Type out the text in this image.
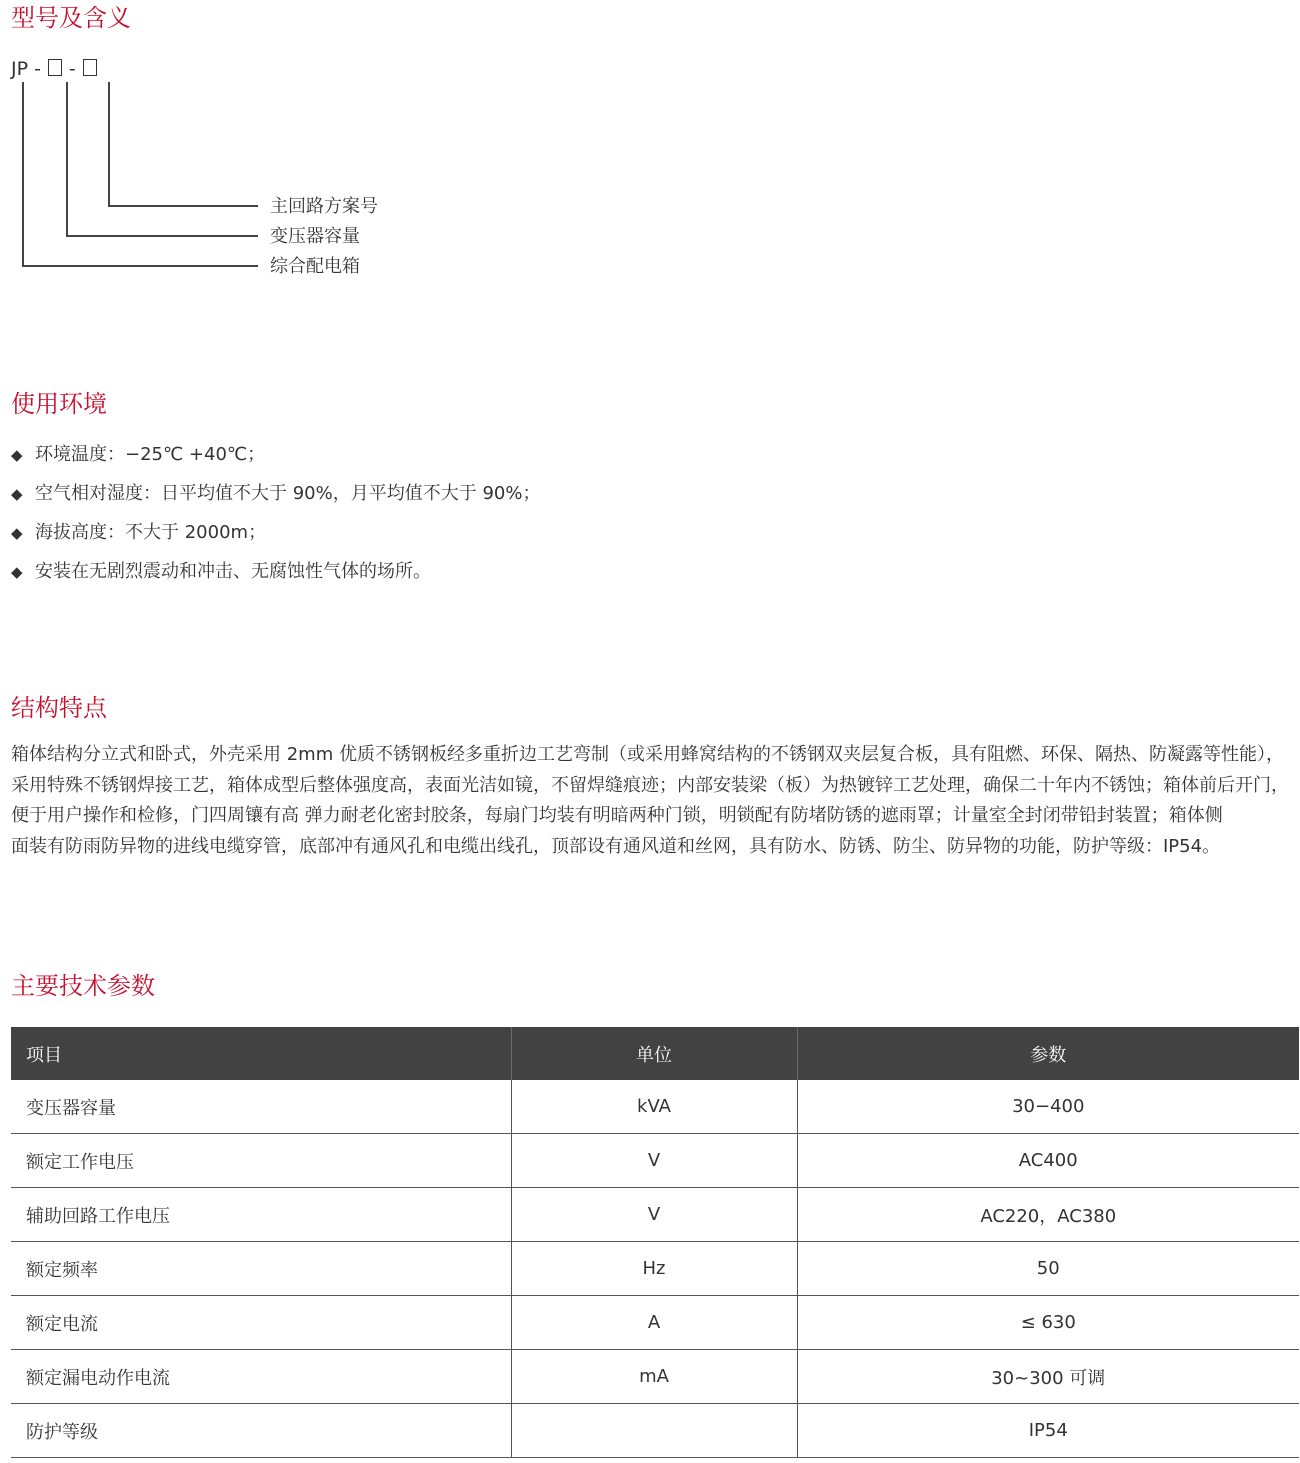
型号及含义
JP - -
主回路方案号
变压器容量
综合配电箱
使用环境
◆ 环境温度：−25℃ +40℃；
◆ 空气相对湿度：日平均值不大于 90%，月平均值不大于 90%；
◆ 海拔高度：不大于 2000m；
◆ 安装在无剧烈震动和冲击、无腐蚀性气体的场所。
结构特点

箱体结构分立式和卧式，外壳采用 2mm 优质不锈钢板经多重折边工艺弯制（或采用蜂窝结构的不锈钢双夹层复合板，具有阻燃、环保、隔热、防凝露等性能），
采用特殊不锈钢焊接工艺，箱体成型后整体强度高，表面光洁如镜，不留焊缝痕迹；内部安装梁（板）为热镀锌工艺处理，确保二十年内不锈蚀；箱体前后开门，
便于用户操作和检修，门四周镶有高 弹力耐老化密封胶条，每扇门均装有明暗两种门锁，明锁配有防堵防锈的遮雨罩；计量室全封闭带铅封装置；箱体侧
面装有防雨防异物的进线电缆穿管，底部冲有通风孔和电缆出线孔，顶部设有通风道和丝网，具有防水、防锈、防尘、防异物的功能，防护等级：IP54。

主要技术参数
项目	单位	参数
变压器容量	kVA	30−400
额定工作电压	V	AC400
辅助回路工作电压	V	AC220，AC380
额定频率	Hz	50
额定电流	A	≤ 630
额定漏电动作电流	mA	30~300 可调
防护等级		IP54
